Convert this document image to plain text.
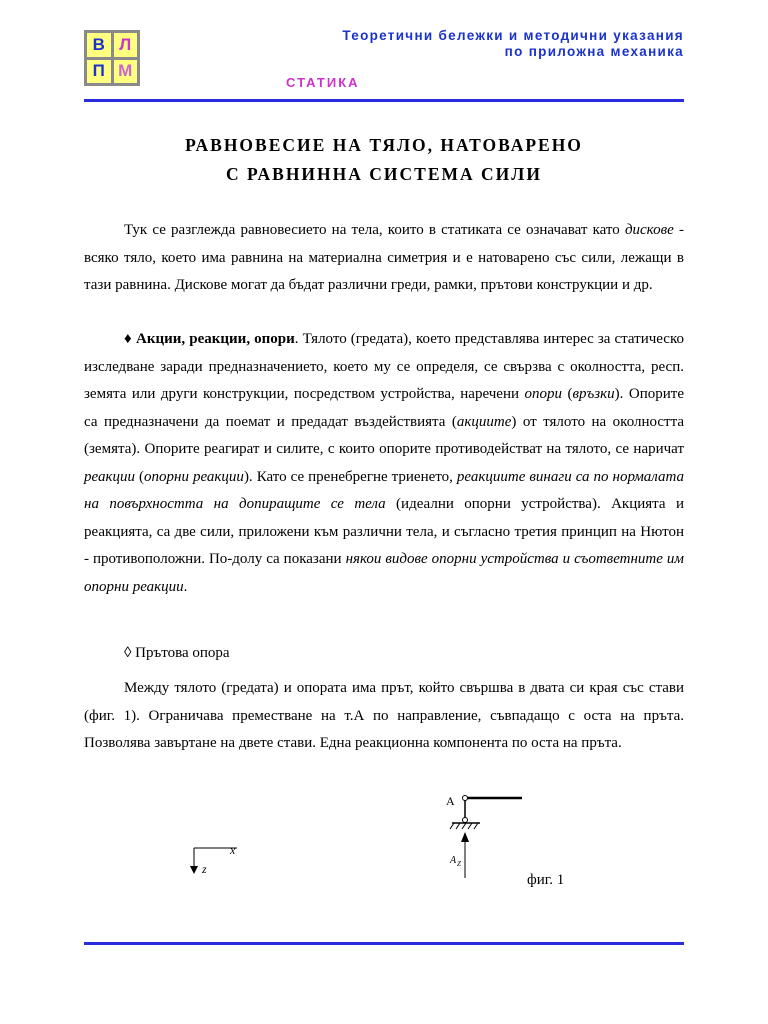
В Л
П М
Теоретични бележки и методични указания
по приложна механика
СТАТИКА
РАВНОВЕСИЕ НА ТЯЛО, НАТОВАРЕНО
С РАВНИННА СИСТЕМА СИЛИ

Тук се разглежда равновесието на тела, които в статиката се означават като дискове - всяко тяло, което има равнина на материална симетрия и е натоварено със сили, лежащи в тази равнина. Дискове могат да бъдат различни греди, рамки, прътови конструкции и др.

♦ Акции, реакции, опори. Тялото (гредата), което представлява интерес за статическо изследване заради предназначението, което му се определя, се свързва с околността, респ. земята или други конструкции, посредством устройства, наречени опори (връзки). Опорите са предназначени да поемат и предадат въздействията (акциите) от тялото на околността (земята). Опорите реагират и силите, с които опорите противодействат на тялото, се наричат реакции (опорни реакции). Като се пренебрегне триенето, реакциите винаги са по нормалата на повърхността на допиращите се тела (идеални опорни устройства). Акцията и реакцията, са две сили, приложени към различни тела, и съгласно третия принцип на Нютон - противоположни. По-долу са показани някои видове опорни устройства и съответните им опорни реакции.

◊ Прътова опора

Между тялото (гредата) и опората има прът, който свършва в двата си края със стави (фиг. 1). Ограничава преместване на т.А по направление, съвпадащо с оста на пръта. Позволява завъртане на двете стави. Една реакционна компонента по оста на пръта.

x
z
A
A Z
фиг. 1
